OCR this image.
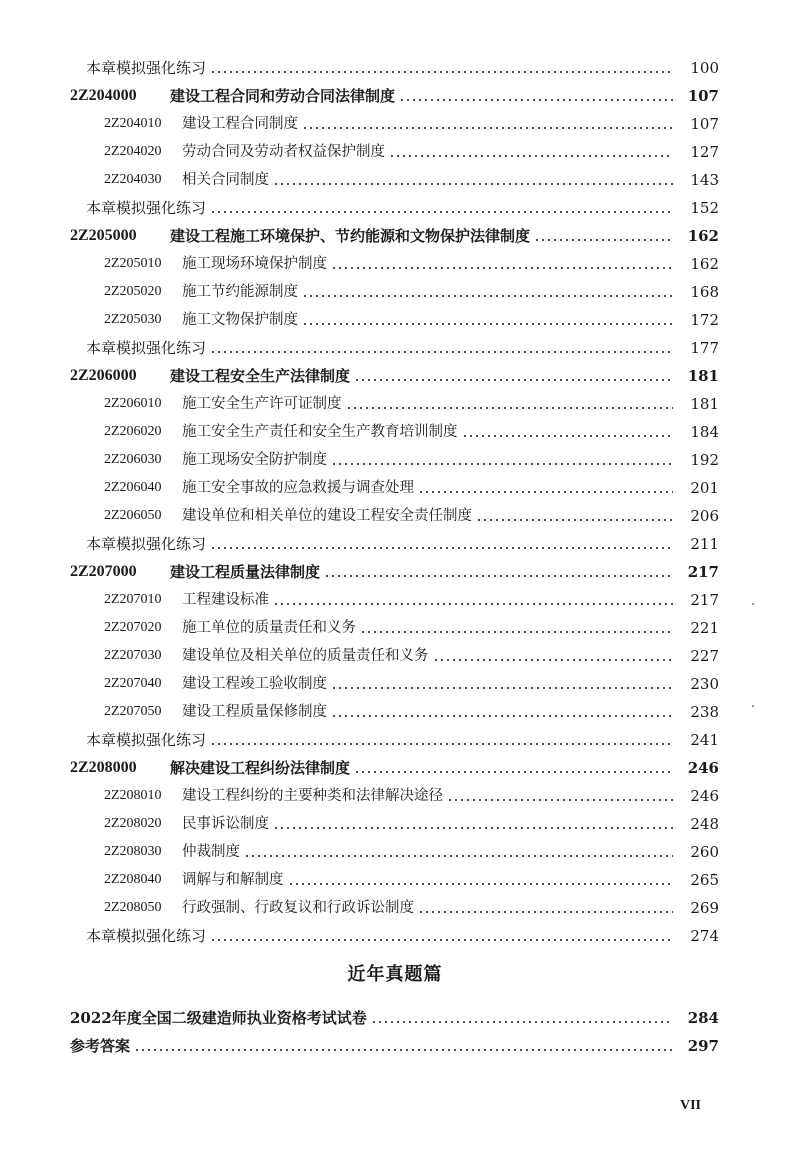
本章模拟强化练习	100
2Z204000	建设工程合同和劳动合同法律制度	107
2Z204010	建设工程合同制度	107
2Z204020	劳动合同及劳动者权益保护制度	127
2Z204030	相关合同制度	143
本章模拟强化练习	152
2Z205000	建设工程施工环境保护、节约能源和文物保护法律制度	162
2Z205010	施工现场环境保护制度	162
2Z205020	施工节约能源制度	168
2Z205030	施工文物保护制度	172
本章模拟强化练习	177
2Z206000	建设工程安全生产法律制度	181
2Z206010	施工安全生产许可证制度	181
2Z206020	施工安全生产责任和安全生产教育培训制度	184
2Z206030	施工现场安全防护制度	192
2Z206040	施工安全事故的应急救援与调查处理	201
2Z206050	建设单位和相关单位的建设工程安全责任制度	206
本章模拟强化练习	211
2Z207000	建设工程质量法律制度	217
2Z207010	工程建设标准	217
2Z207020	施工单位的质量责任和义务	221
2Z207030	建设单位及相关单位的质量责任和义务	227
2Z207040	建设工程竣工验收制度	230
2Z207050	建设工程质量保修制度	238
本章模拟强化练习	241
2Z208000	解决建设工程纠纷法律制度	246
2Z208010	建设工程纠纷的主要种类和法律解决途径	246
2Z208020	民事诉讼制度	248
2Z208030	仲裁制度	260
2Z208040	调解与和解制度	265
2Z208050	行政强制、行政复议和行政诉讼制度	269
本章模拟强化练习	274
近年真题篇
2022年度全国二级建造师执业资格考试试卷	284
参考答案	297
VII
